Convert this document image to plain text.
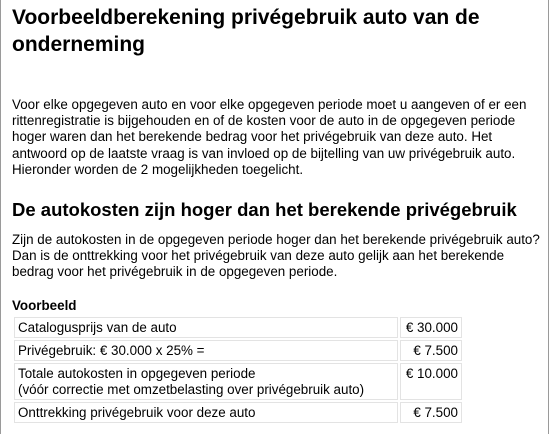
Voorbeeldberekening privégebruik auto van de onderneming

Voor elke opgegeven auto en voor elke opgegeven periode moet u aangeven of er een rittenregistratie is bijgehouden en of de kosten voor de auto in de opgegeven periode hoger waren dan het berekende bedrag voor het privégebruik van deze auto. Het antwoord op de laatste vraag is van invloed op de bijtelling van uw privégebruik auto. Hieronder worden de 2 mogelijkheden toegelicht.

De autokosten zijn hoger dan het berekende privégebruik

Zijn de autokosten in de opgegeven periode hoger dan het berekende privégebruik auto? Dan is de onttrekking voor het privégebruik van deze auto gelijk aan het berekende bedrag voor het privégebruik in de opgegeven periode.

Voorbeeld
Catalogusprijs van de auto	€ 30.000
Privégebruik: € 30.000 x 25% =	€ 7.500

Totale autokosten in opgegeven periode
(vóór correctie met omzetbelasting over privégebruik auto)	€ 10.000
Onttrekking privégebruik voor deze auto	€ 7.500
